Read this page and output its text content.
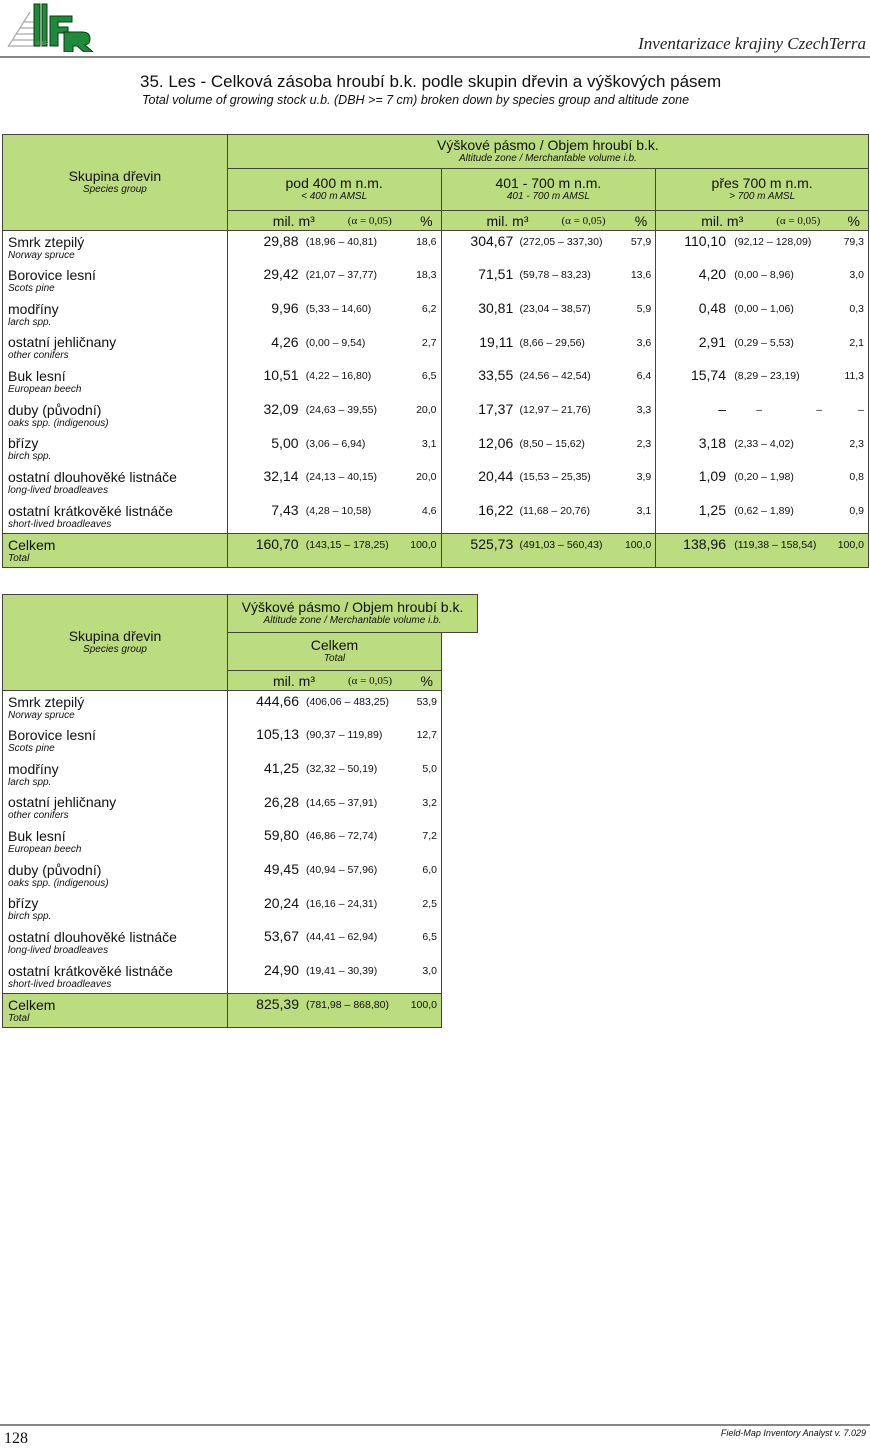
ІFER	Inventarizace krajiny CzechTerra
35. Les - Celková zásoba hroubí b.k. podle skupin dřevin a výškových pásem
Total volume of growing stock u.b. (DBH >= 7 cm) broken down by species group and altitude zone
Skupina dřevin
Species group	Výškové pásmo / Objem hroubí b.k.
Altitude zone / Merchantable volume i.b.		

	pod 400 m n.m.
< 400 m AMSL	401 - 700 m n.m.
401 - 700 m AMSL	přes 700 m n.m.
> 700 m AMSL

	mil. m³ (α = 0,05) %	mil. m³ (α = 0,05) %	mil. m³ (α = 0,05) %

Smrk ztepilý
Norway spruce	29,88 (18,96 – 40,81) 18,6	304,67 (272,05 – 337,30) 57,9	110,10 (92,12 – 128,09) 79,3

Borovice lesní
Scots pine	29,42 (21,07 – 37,77) 18,3	71,51 (59,78 – 83,23) 13,6	4,20 (0,00 – 8,96) 3,0

modříny
larch spp.	9,96 (5,33 – 14,60) 6,2	30,81 (23,04 – 38,57) 5,9	0,48 (0,00 – 1,06) 0,3

ostatní jehličnany
other conifers	4,26 (0,00 – 9,54) 2,7	19,11 (8,66 – 29,56) 3,6	2,91 (0,29 – 5,53) 2,1

Buk lesní
European beech	10,51 (4,22 – 16,80) 6,5	33,55 (24,56 – 42,54) 6,4	15,74 (8,29 – 23,19) 11,3

duby (původní)
oaks spp. (indigenous)	32,09 (24,63 – 39,55) 20,0	17,37 (12,97 – 21,76) 3,3	– – – –

břízy
birch spp.	5,00 (3,06 – 6,94) 3,1	12,06 (8,50 – 15,62) 2,3	3,18 (2,33 – 4,02) 2,3

ostatní dlouhověké listnáče
long-lived broadleaves	32,14 (24,13 – 40,15) 20,0	20,44 (15,53 – 25,35) 3,9	1,09 (0,20 – 1,98) 0,8

ostatní krátkověké listnáče
short-lived broadleaves	7,43 (4,28 – 10,58) 4,6	16,22 (11,68 – 20,76) 3,1	1,25 (0,62 – 1,89) 0,9

Celkem
Total	160,70 (143,15 – 178,25) 100,0	525,73 (491,03 – 560,43) 100,0	138,96 (119,38 – 158,54) 100,0
Skupina dřevin
Species group	Výškové pásmo / Objem hroubí b.k.
Altitude zone / Merchantable volume i.b.	

	Celkem
Total	

	mil. m³ (α = 0,05) %	

Smrk ztepilý
Norway spruce	444,66 (406,06 – 483,25) 53,9	

Borovice lesní
Scots pine	105,13 (90,37 – 119,89) 12,7	

modříny
larch spp.	41,25 (32,32 – 50,19) 5,0	

ostatní jehličnany
other conifers	26,28 (14,65 – 37,91) 3,2	

Buk lesní
European beech	59,80 (46,86 – 72,74) 7,2	

duby (původní)
oaks spp. (indigenous)	49,45 (40,94 – 57,96) 6,0	

břízy
birch spp.	20,24 (16,16 – 24,31) 2,5	

ostatní dlouhověké listnáče
long-lived broadleaves	53,67 (44,41 – 62,94) 6,5	

ostatní krátkověké listnáče
short-lived broadleaves	24,90 (19,41 – 30,39) 3,0	

Celkem
Total	825,39 (781,98 – 868,80) 100,0	

128	Field-Map Inventory Analyst v. 7.029
